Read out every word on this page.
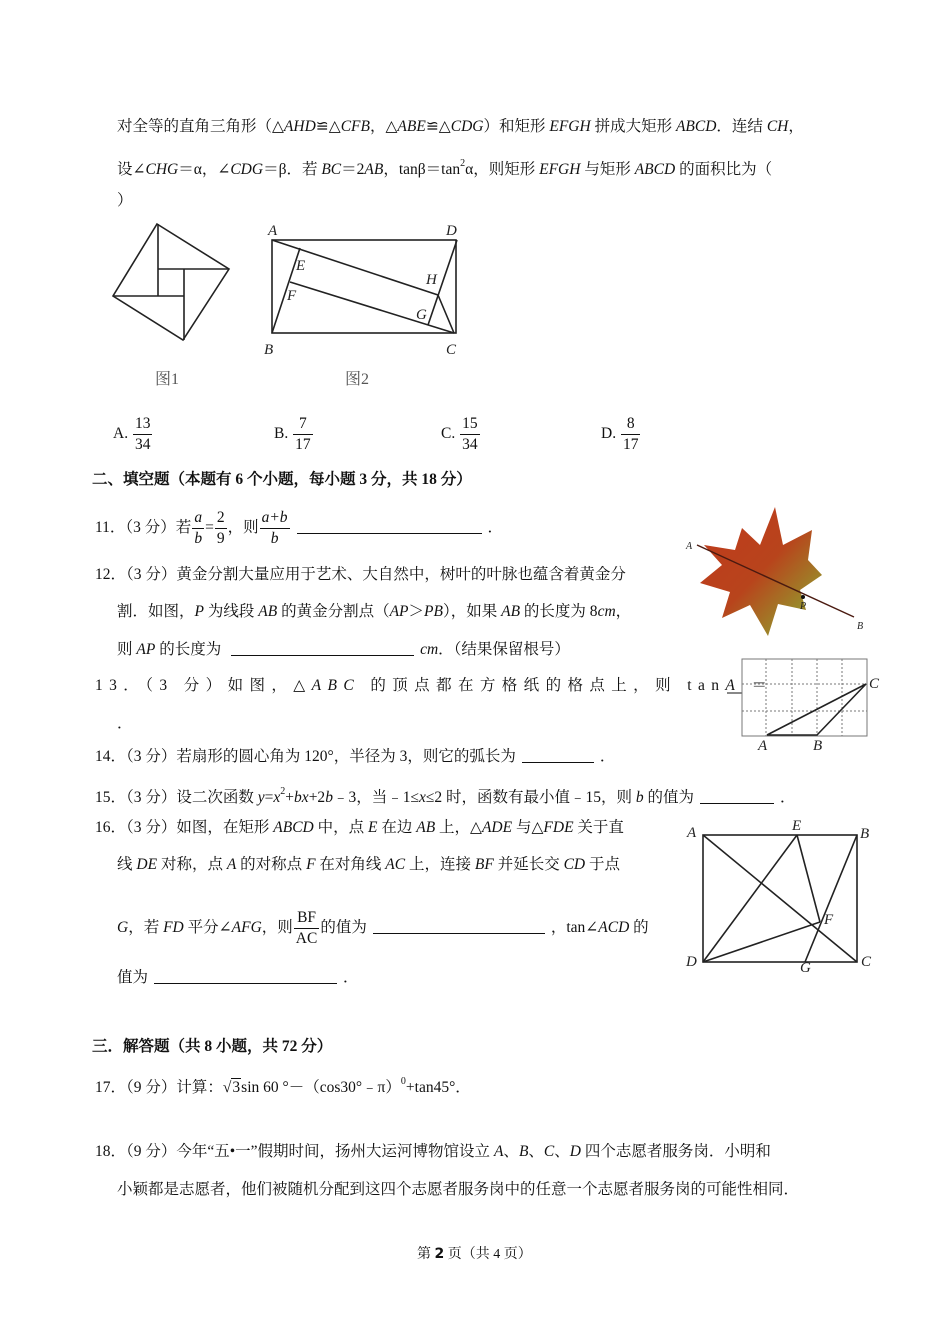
对全等的直角三角形（△AHD≌△CFB，△ABE≌△CDG）和矩形 EFGH 拼成大矩形 ABCD．连结 CH，
设∠CHG＝α，∠CDG＝β．若 BC＝2AB，$\tan\beta=\tan^2\alpha$，则矩形 EFGH 与矩形 ABCD 的面积比为（
）
A	D
E
H
F
G
B	C
图1	图2
A. $\frac{13}{34}$	B. $\frac{7}{17}$	C. $\frac{15}{34}$	D. $\frac{8}{17}$
二、填空题（本题有 6 个小题，每小题 3 分，共 18 分）
11．（3 分）若 $\frac{a}{b} = \frac{2}{9}$ ，则 $\frac{a+b}{b}$	．
12．（3 分）黄金分割大量应用于艺术、大自然中，树叶的叶脉也蕴含着黄金分
割．如图，P 为线段 AB 的黄金分割点（AP＞PB），如果 AB 的长度为 8cm，
则 AP 的长度为	cm．（结果保留根号）
A
P
B
13．（3 分）如图，△ABC 的顶点都在方格纸的格点上，则 tanA ＝
．
C
A	B
14．（3 分）若扇形的圆心角为 120°，半径为 3，则它的弧长为	．
15．（3 分）设二次函数 $y=x^2+bx+2b﹣3$，当﹣1≤x≤2 时，函数有最小值﹣15，则 b 的值为	．
16．（3 分）如图，在矩形 ABCD 中，点 E 在边 AB 上，△ADE 与△FDE 关于直
线 DE 对称，点 A 的对称点 F 在对角线 AC 上，连接 BF 并延长交 CD 于点
G，若 FD 平分∠AFG，则 $\frac{BF}{AC}$ 的值为	，tan∠ACD 的
值为	．
A	E	B
F
D	G	C
三．解答题（共 8 小题，共 72 分）
17．（9 分）计算：√3sin 60 °－（cos30°﹣π）$^0$+tan45°．
18．（9 分）今年“五•一”假期时间，扬州大运河博物馆设立 A、B、C、D 四个志愿者服务岗．小明和
小颖都是志愿者，他们被随机分配到这四个志愿者服务岗中的任意一个志愿者服务岗的可能性相同．
第 2 页（共 4 页）
